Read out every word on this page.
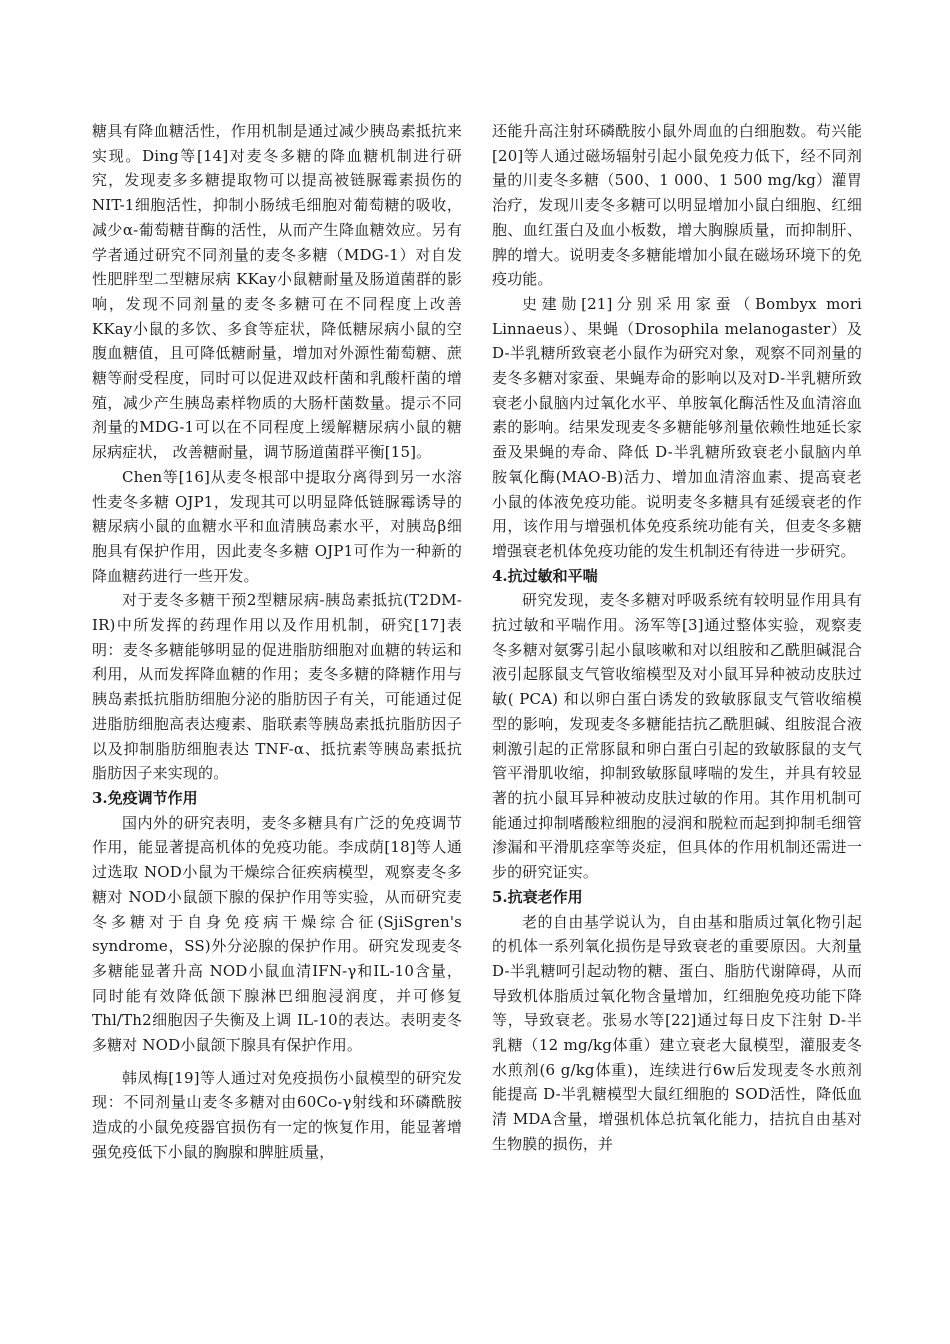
糖具有降血糖活性，作用机制是通过减少胰岛素抵抗来实现。Ding等[14]对麦冬多糖的降血糖机制进行研究，发现麦多多糖提取物可以提高被链脲霉素损伤的NIT-1细胞活性，抑制小肠绒毛细胞对葡萄糖的吸收，减少α-葡萄糖苷酶的活性，从而产生降血糖效应。另有学者通过研究不同剂量的麦冬多糖（MDG-1）对自发性肥胖型二型糖尿病 KKay小鼠糖耐量及肠道菌群的影响，发现不同剂量的麦冬多糖可在不同程度上改善 KKay小鼠的多饮、多食等症状，降低糖尿病小鼠的空腹血糖值，且可降低糖耐量，增加对外源性葡萄糖、蔗糖等耐受程度，同时可以促进双歧杆菌和乳酸杆菌的增殖，减少产生胰岛素样物质的大肠杆菌数量。提示不同剂量的MDG-1可以在不同程度上缓解糖尿病小鼠的糖尿病症状， 改善糖耐量，调节肠道菌群平衡[15]。

Chen等[16]从麦冬根部中提取分离得到另一水溶性麦冬多糖 OJP1，发现其可以明显降低链脲霉诱导的糖尿病小鼠的血糖水平和血清胰岛素水平，对胰岛β细胞具有保护作用，因此麦冬多糖 OJP1可作为一种新的降血糖药进行一些开发。

对于麦冬多糖干预2型糖尿病-胰岛素抵抗(T2DM-IR)中所发挥的药理作用以及作用机制，研究[17]表明：麦冬多糖能够明显的促进脂肪细胞对血糖的转运和利用，从而发挥降血糖的作用；麦冬多糖的降糖作用与胰岛素抵抗脂肪细胞分泌的脂肪因子有关，可能通过促进脂肪细胞高表达瘦素、脂联素等胰岛素抵抗脂肪因子以及抑制脂肪细胞表达 TNF-α、抵抗素等胰岛素抵抗脂肪因子来实现的。

3.免疫调节作用

国内外的研究表明，麦冬多糖具有广泛的免疫调节作用，能显著提高机体的免疫功能。李成荫[18]等人通过选取 NOD小鼠为干燥综合征疾病模型，观察麦冬多糖对 NOD小鼠颌下腺的保护作用等实验，从而研究麦冬多糖对于自身免疫病干燥综合征(SjiSgren's syndrome，SS)外分泌腺的保护作用。研究发现麦冬多糖能显著升高 NOD小鼠血清IFN-γ和IL-10含量，同时能有效降低颌下腺淋巴细胞浸润度，并可修复 Thl/Th2细胞因子失衡及上调 IL-10的表达。表明麦冬多糖对 NOD小鼠颌下腺具有保护作用。

韩凤梅[19]等人通过对免疫损伤小鼠模型的研究发现：不同剂量山麦冬多糖对由60Co-γ射线和环磷酰胺造成的小鼠免疫器官损伤有一定的恢复作用，能显著增强免疫低下小鼠的胸腺和脾脏质量，

还能升高注射环磷酰胺小鼠外周血的白细胞数。苟兴能[20]等人通过磁场辐射引起小鼠免疫力低下，经不同剂量的川麦冬多糖（500、1 000、1 500 mg/kg）灌胃治疗，发现川麦冬多糖可以明显增加小鼠白细胞、红细胞、血红蛋白及血小板数，增大胸腺质量，而抑制肝、脾的增大。说明麦冬多糖能增加小鼠在磁场环境下的免疫功能。

史建勋[21]分别采用家蚕（Bombyx mori Linnaeus）、果蝇（Drosophila melanogaster）及D-半乳糖所致衰老小鼠作为研究对象，观察不同剂量的麦冬多糖对家蚕、果蝇寿命的影响以及对D-半乳糖所致衰老小鼠脑内过氧化水平、单胺氧化酶活性及血清溶血素的影响。结果发现麦冬多糖能够剂量依赖性地延长家蚕及果蝇的寿命、降低 D-半乳糖所致衰老小鼠脑内单胺氧化酶(MAO-B)活力、增加血清溶血素、提高衰老小鼠的体液免疫功能。说明麦冬多糖具有延缓衰老的作用，该作用与增强机体免疫系统功能有关，但麦冬多糖增强衰老机体免疫功能的发生机制还有待进一步研究。

4.抗过敏和平喘

研究发现，麦冬多糖对呼吸系统有较明显作用具有抗过敏和平喘作用。汤军等[3]通过整体实验，观察麦冬多糖对氨雾引起小鼠咳嗽和对以组胺和乙酰胆碱混合液引起豚鼠支气管收缩模型及对小鼠耳异种被动皮肤过敏( PCA) 和以卵白蛋白诱发的致敏豚鼠支气管收缩模型的影响，发现麦冬多糖能拮抗乙酰胆碱、组胺混合液刺激引起的正常豚鼠和卵白蛋白引起的致敏豚鼠的支气管平滑肌收缩，抑制致敏豚鼠哮喘的发生，并具有较显著的抗小鼠耳异种被动皮肤过敏的作用。其作用机制可能通过抑制嗜酸粒细胞的浸润和脱粒而起到抑制毛细管渗漏和平滑肌痉挛等炎症，但具体的作用机制还需进一步的研究证实。

5.抗衰老作用

老的自由基学说认为，自由基和脂质过氧化物引起的机体一系列氧化损伤是导致衰老的重要原因。大剂量 D-半乳糖呵引起动物的糖、蛋白、脂肪代谢障碍，从而导致机体脂质过氧化物含量增加，红细胞免疫功能下降等，导致衰老。张易水等[22]通过每日皮下注射 D-半乳糖（12 mg/kg体重）建立衰老大鼠模型，灌服麦冬水煎剂(6 g/kg体重)，连续进行6w后发现麦冬水煎剂能提高 D-半乳糖模型大鼠红细胞的 SOD活性，降低血清 MDA含量，增强机体总抗氧化能力，拮抗自由基对生物膜的损伤，并
